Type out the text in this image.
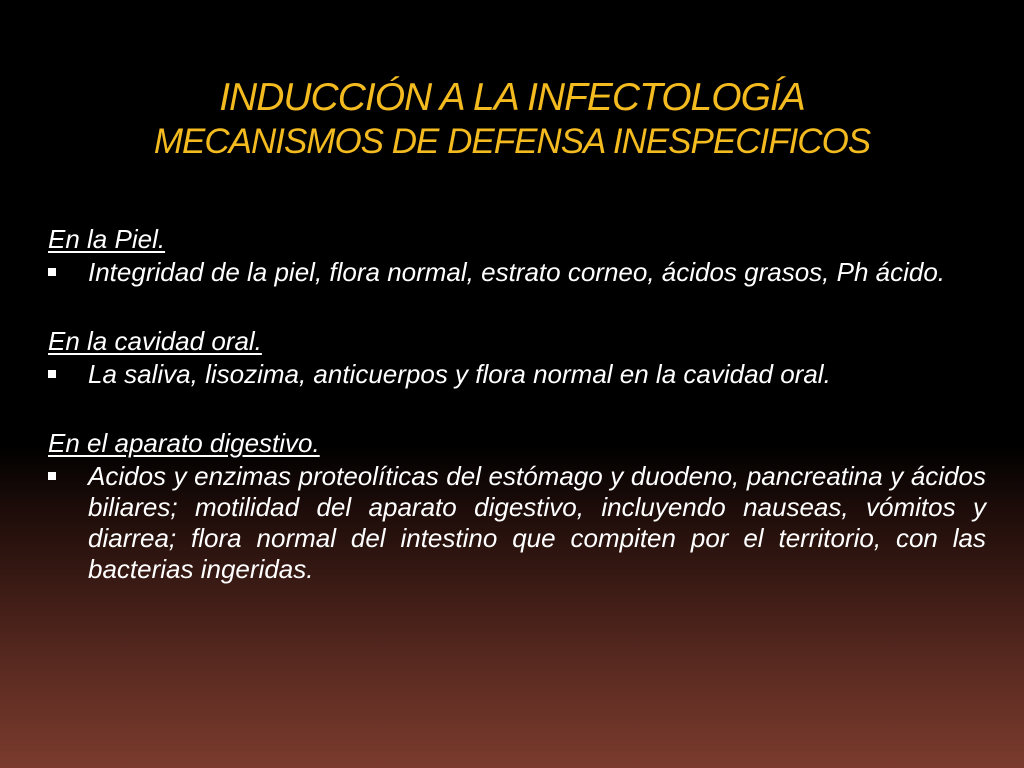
INDUCCIÓN A LA INFECTOLOGÍA
MECANISMOS DE DEFENSA INESPECIFICOS

En la Piel.

Integridad de la piel, flora normal, estrato corneo, ácidos grasos, Ph ácido.

En la cavidad oral.

La saliva, lisozima, anticuerpos y flora normal en la cavidad oral.

En el aparato digestivo.

Acidos y enzimas proteolíticas del estómago y duodeno, pancreatina y ácidos biliares; motilidad del aparato digestivo, incluyendo nauseas, vómitos y diarrea; flora normal del intestino que compiten por el territorio, con las bacterias ingeridas.
